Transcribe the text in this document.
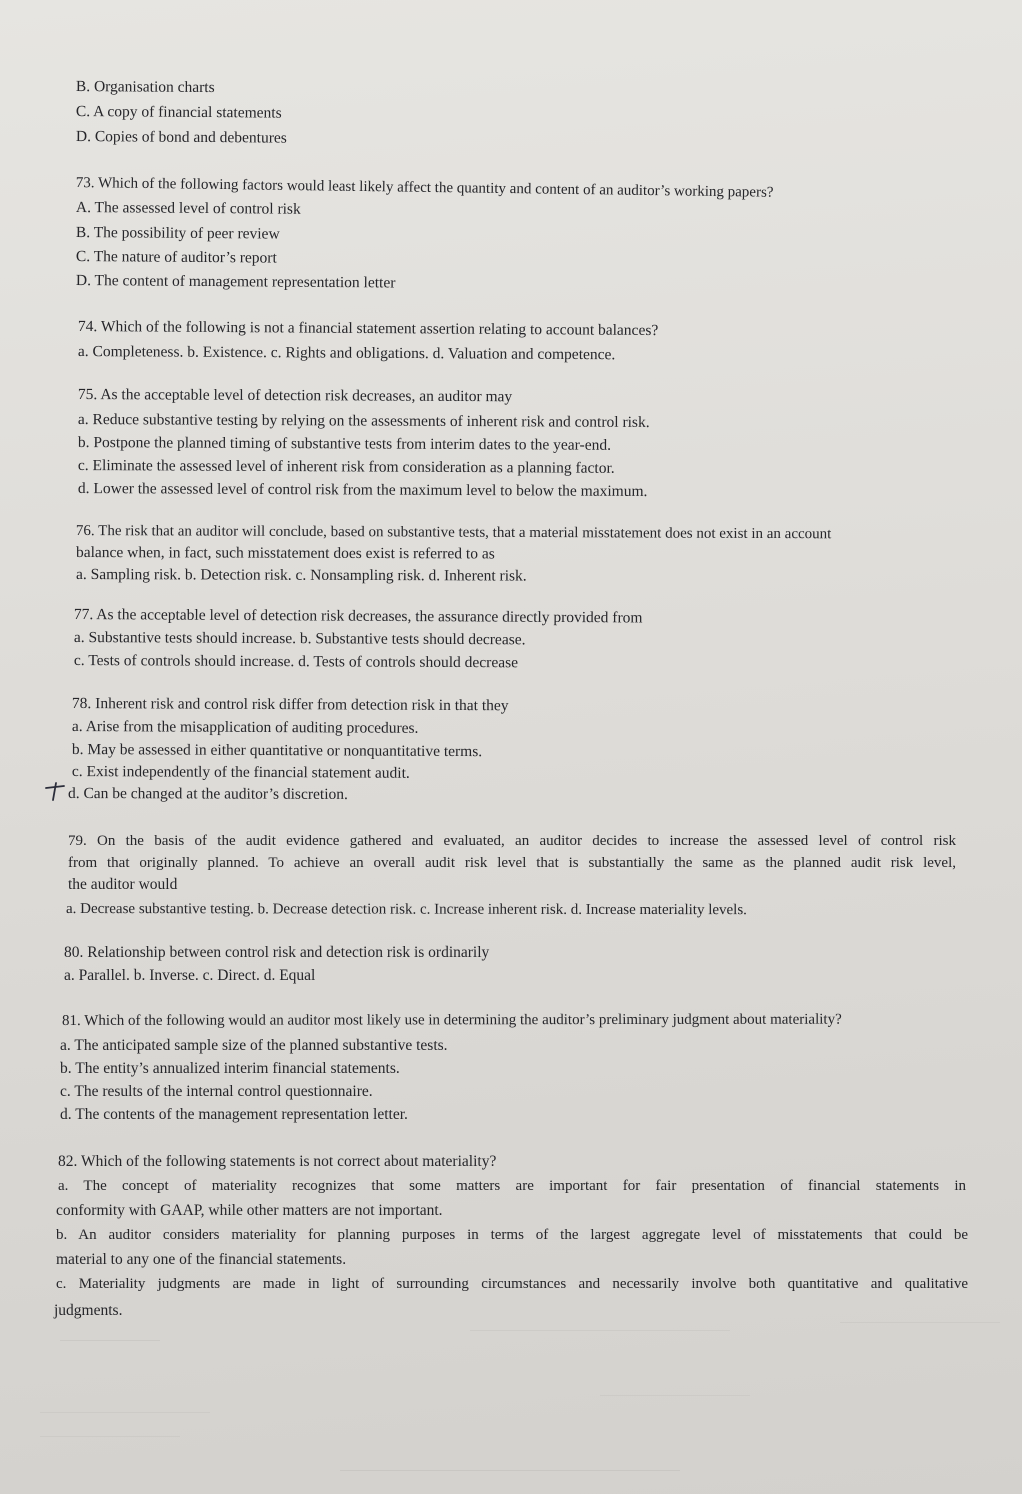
B. Organisation charts
C. A copy of financial statements
D. Copies of bond and debentures
73. Which of the following factors would least likely affect the quantity and content of an auditor’s working papers?
A. The assessed level of control risk
B. The possibility of peer review
C. The nature of auditor’s report
D. The content of management representation letter
74. Which of the following is not a financial statement assertion relating to account balances?
a. Completeness. b. Existence. c. Rights and obligations. d. Valuation and competence.
75. As the acceptable level of detection risk decreases, an auditor may
a. Reduce substantive testing by relying on the assessments of inherent risk and control risk.
b. Postpone the planned timing of substantive tests from interim dates to the year-end.
c. Eliminate the assessed level of inherent risk from consideration as a planning factor.
d. Lower the assessed level of control risk from the maximum level to below the maximum.
76. The risk that an auditor will conclude, based on substantive tests, that a material misstatement does not exist in an account
balance when, in fact, such misstatement does exist is referred to as
a. Sampling risk. b. Detection risk. c. Nonsampling risk. d. Inherent risk.
77. As the acceptable level of detection risk decreases, the assurance directly provided from
a. Substantive tests should increase. b. Substantive tests should decrease.
c. Tests of controls should increase. d. Tests of controls should decrease
78. Inherent risk and control risk differ from detection risk in that they
a. Arise from the misapplication of auditing procedures.
b. May be assessed in either quantitative or nonquantitative terms.
c. Exist independently of the financial statement audit.
d. Can be changed at the auditor’s discretion.
79. On the basis of the audit evidence gathered and evaluated, an auditor decides to increase the assessed level of control risk
from that originally planned. To achieve an overall audit risk level that is substantially the same as the planned audit risk level,
the auditor would
a. Decrease substantive testing. b. Decrease detection risk. c. Increase inherent risk. d. Increase materiality levels.
80. Relationship between control risk and detection risk is ordinarily
a. Parallel. b. Inverse. c. Direct. d. Equal
81. Which of the following would an auditor most likely use in determining the auditor’s preliminary judgment about materiality?
a. The anticipated sample size of the planned substantive tests.
b. The entity’s annualized interim financial statements.
c. The results of the internal control questionnaire.
d. The contents of the management representation letter.
82. Which of the following statements is not correct about materiality?
a. The concept of materiality recognizes that some matters are important for fair presentation of financial statements in
conformity with GAAP, while other matters are not important.
b. An auditor considers materiality for planning purposes in terms of the largest aggregate level of misstatements that could be
material to any one of the financial statements.
c. Materiality judgments are made in light of surrounding circumstances and necessarily involve both quantitative and qualitative
judgments.
